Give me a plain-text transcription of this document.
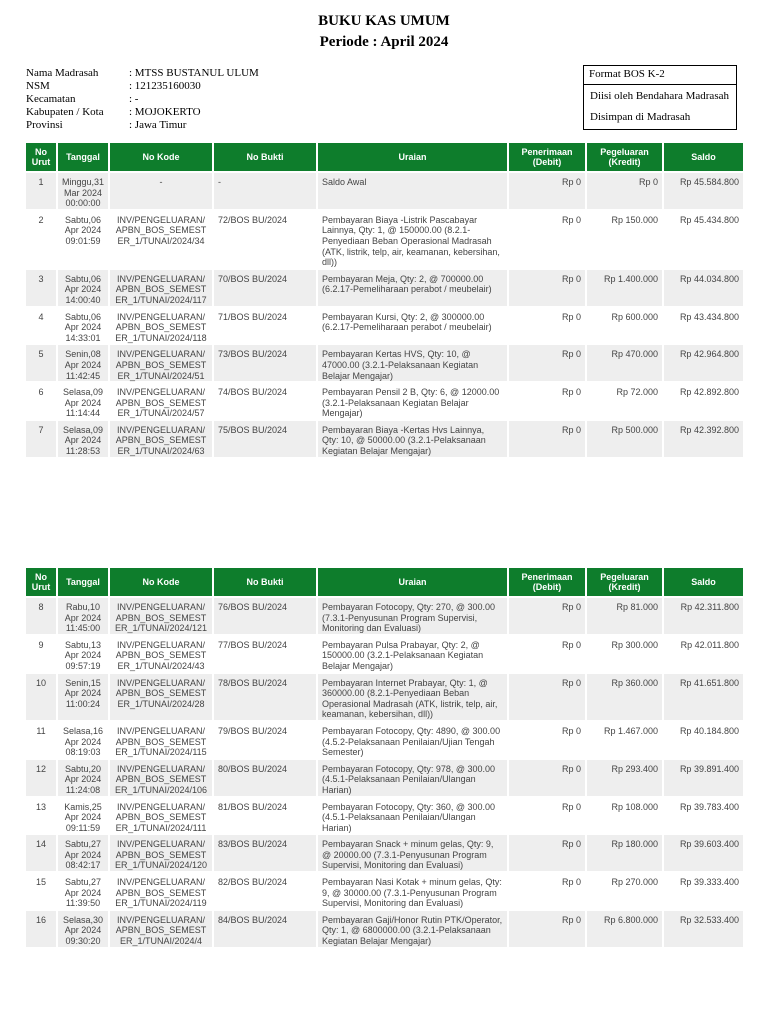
BUKU KAS UMUM
Periode : April 2024
Nama Madrasah	: MTSS BUSTANUL ULUM
NSM	: 121235160030
Kecamatan	: -
Kabupaten / Kota	: MOJOKERTO
Provinsi	: Jawa Timur
Format BOS K-2
Diisi oleh Bendahara Madrasah
Disimpan di Madrasah
No Urut	Tanggal	No Kode	No Bukti	Uraian	Penerimaan (Debit)	Pegeluaran (Kredit)	Saldo
1	Minggu,31 Mar 2024 00:00:00	-	-	Saldo Awal	Rp 0	Rp 0	Rp 45.584.800
2	Sabtu,06 Apr 2024 09:01:59	INV/PENGELUARAN/APBN_BOS_SEMESTER_1/TUNAI/2024/34	72/BOS BU/2024	Pembayaran Biaya -Listrik Pascabayar Lainnya, Qty: 1, @ 150000.00 (8.2.1-Penyediaan Beban Operasional Madrasah (ATK, listrik, telp, air, keamanan, kebersihan, dll))	Rp 0	Rp 150.000	Rp 45.434.800
3	Sabtu,06 Apr 2024 14:00:40	INV/PENGELUARAN/APBN_BOS_SEMESTER_1/TUNAI/2024/117	70/BOS BU/2024	Pembayaran Meja, Qty: 2, @ 700000.00 (6.2.17-Pemeliharaan perabot / meubelair)	Rp 0	Rp 1.400.000	Rp 44.034.800
4	Sabtu,06 Apr 2024 14:33:01	INV/PENGELUARAN/APBN_BOS_SEMESTER_1/TUNAI/2024/118	71/BOS BU/2024	Pembayaran Kursi, Qty: 2, @ 300000.00 (6.2.17-Pemeliharaan perabot / meubelair)	Rp 0	Rp 600.000	Rp 43.434.800
5	Senin,08 Apr 2024 11:42:45	INV/PENGELUARAN/APBN_BOS_SEMESTER_1/TUNAI/2024/51	73/BOS BU/2024	Pembayaran Kertas HVS, Qty: 10, @ 47000.00 (3.2.1-Pelaksanaan Kegiatan Belajar Mengajar)	Rp 0	Rp 470.000	Rp 42.964.800
6	Selasa,09 Apr 2024 11:14:44	INV/PENGELUARAN/APBN_BOS_SEMESTER_1/TUNAI/2024/57	74/BOS BU/2024	Pembayaran Pensil 2 B, Qty: 6, @ 12000.00 (3.2.1-Pelaksanaan Kegiatan Belajar Mengajar)	Rp 0	Rp 72.000	Rp 42.892.800
7	Selasa,09 Apr 2024 11:28:53	INV/PENGELUARAN/APBN_BOS_SEMESTER_1/TUNAI/2024/63	75/BOS BU/2024	Pembayaran Biaya -Kertas Hvs Lainnya, Qty: 10, @ 50000.00 (3.2.1-Pelaksanaan Kegiatan Belajar Mengajar)	Rp 0	Rp 500.000	Rp 42.392.800
No Urut	Tanggal	No Kode	No Bukti	Uraian	Penerimaan (Debit)	Pegeluaran (Kredit)	Saldo
8	Rabu,10 Apr 2024 11:45:00	INV/PENGELUARAN/APBN_BOS_SEMESTER_1/TUNAI/2024/121	76/BOS BU/2024	Pembayaran Fotocopy, Qty: 270, @ 300.00 (7.3.1-Penyusunan Program Supervisi, Monitoring dan Evaluasi)	Rp 0	Rp 81.000	Rp 42.311.800
9	Sabtu,13 Apr 2024 09:57:19	INV/PENGELUARAN/APBN_BOS_SEMESTER_1/TUNAI/2024/43	77/BOS BU/2024	Pembayaran Pulsa Prabayar, Qty: 2, @ 150000.00 (3.2.1-Pelaksanaan Kegiatan Belajar Mengajar)	Rp 0	Rp 300.000	Rp 42.011.800
10	Senin,15 Apr 2024 11:00:24	INV/PENGELUARAN/APBN_BOS_SEMESTER_1/TUNAI/2024/28	78/BOS BU/2024	Pembayaran Internet Prabayar, Qty: 1, @ 360000.00 (8.2.1-Penyediaan Beban Operasional Madrasah (ATK, listrik, telp, air, keamanan, kebersihan, dll))	Rp 0	Rp 360.000	Rp 41.651.800
11	Selasa,16 Apr 2024 08:19:03	INV/PENGELUARAN/APBN_BOS_SEMESTER_1/TUNAI/2024/115	79/BOS BU/2024	Pembayaran Fotocopy, Qty: 4890, @ 300.00 (4.5.2-Pelaksanaan Penilaian/Ujian Tengah Semester)	Rp 0	Rp 1.467.000	Rp 40.184.800
12	Sabtu,20 Apr 2024 11:24:08	INV/PENGELUARAN/APBN_BOS_SEMESTER_1/TUNAI/2024/106	80/BOS BU/2024	Pembayaran Fotocopy, Qty: 978, @ 300.00 (4.5.1-Pelaksanaan Penilaian/Ulangan Harian)	Rp 0	Rp 293.400	Rp 39.891.400
13	Kamis,25 Apr 2024 09:11:59	INV/PENGELUARAN/APBN_BOS_SEMESTER_1/TUNAI/2024/111	81/BOS BU/2024	Pembayaran Fotocopy, Qty: 360, @ 300.00 (4.5.1-Pelaksanaan Penilaian/Ulangan Harian)	Rp 0	Rp 108.000	Rp 39.783.400
14	Sabtu,27 Apr 2024 08:42:17	INV/PENGELUARAN/APBN_BOS_SEMESTER_1/TUNAI/2024/120	83/BOS BU/2024	Pembayaran Snack + minum gelas, Qty: 9, @ 20000.00 (7.3.1-Penyusunan Program Supervisi, Monitoring dan Evaluasi)	Rp 0	Rp 180.000	Rp 39.603.400
15	Sabtu,27 Apr 2024 11:39:50	INV/PENGELUARAN/APBN_BOS_SEMESTER_1/TUNAI/2024/119	82/BOS BU/2024	Pembayaran Nasi Kotak + minum gelas, Qty: 9, @ 30000.00 (7.3.1-Penyusunan Program Supervisi, Monitoring dan Evaluasi)	Rp 0	Rp 270.000	Rp 39.333.400
16	Selasa,30 Apr 2024 09:30:20	INV/PENGELUARAN/APBN_BOS_SEMESTER_1/TUNAI/2024/4	84/BOS BU/2024	Pembayaran Gaji/Honor Rutin PTK/Operator, Qty: 1, @ 6800000.00 (3.2.1-Pelaksanaan Kegiatan Belajar Mengajar)	Rp 0	Rp 6.800.000	Rp 32.533.400
